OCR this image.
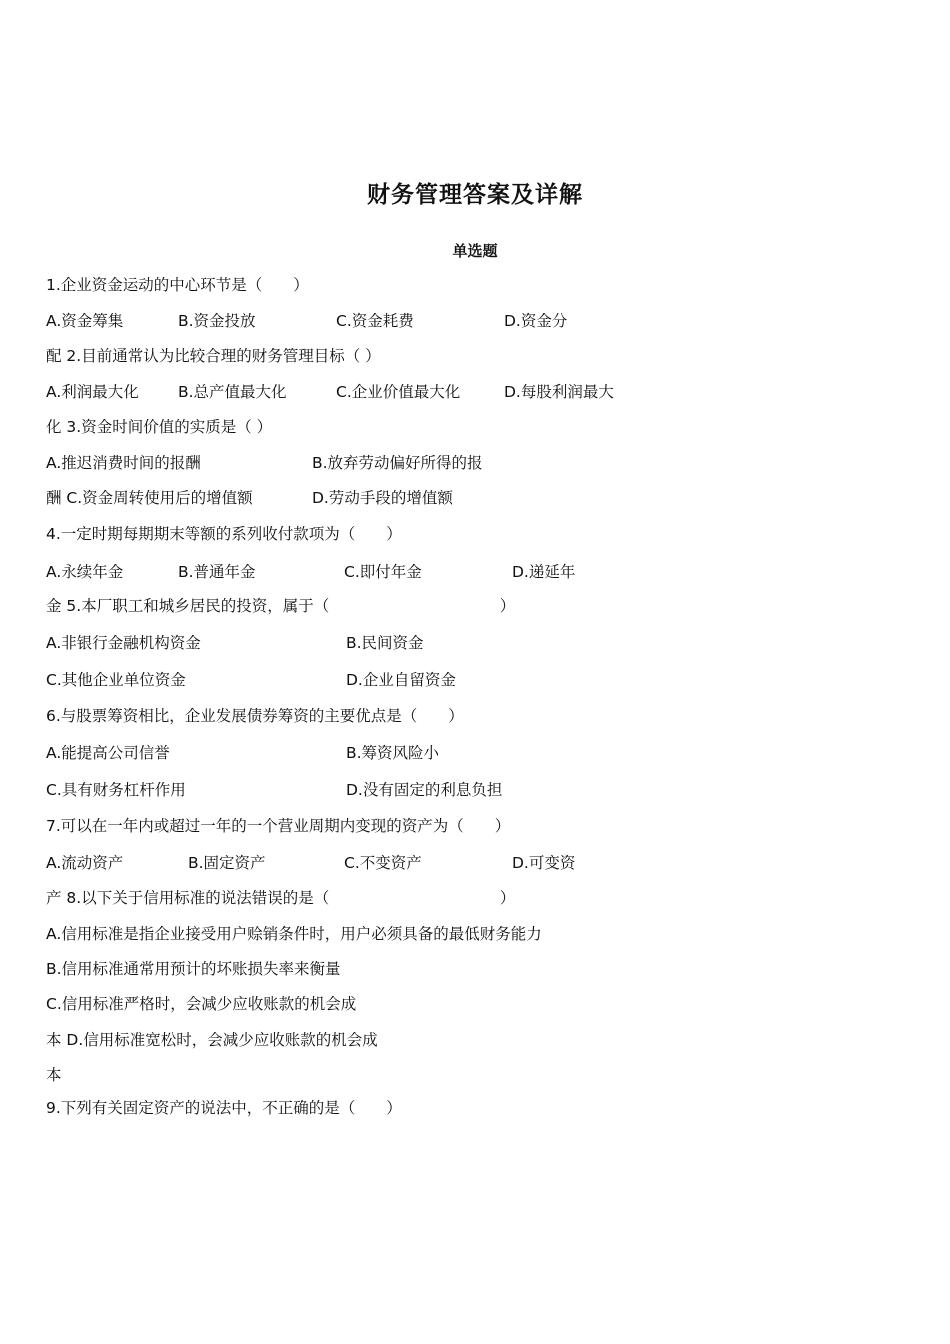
财务管理答案及详解
单选题
1.企业资金运动的中心环节是（　　）
A.资金筹集	B.资金投放	C.资金耗费	D.资金分
配 2.目前通常认为比较合理的财务管理目标（ ）
A.利润最大化	B.总产值最大化	C.企业价值最大化	D.每股利润最大
化 3.资金时间价值的实质是（ ）
A.推迟消费时间的报酬	B.放弃劳动偏好所得的报
酬 C.资金周转使用后的增值额	D.劳动手段的增值额
4.一定时期每期期末等额的系列收付款项为（　　）
A.永续年金	B.普通年金	C.即付年金	D.递延年
金 5.本厂职工和城乡居民的投资，属于（　　　　　　　　　　　）
A.非银行金融机构资金	B.民间资金
C.其他企业单位资金	D.企业自留资金
6.与股票筹资相比，企业发展债券筹资的主要优点是（　　）
A.能提高公司信誉	B.筹资风险小
C.具有财务杠杆作用	D.没有固定的利息负担
7.可以在一年内或超过一年的一个营业周期内变现的资产为（　　）
A.流动资产	B.固定资产	C.不变资产	D.可变资
产 8.以下关于信用标准的说法错误的是（　　　　　　　　　　　）
A.信用标准是指企业接受用户赊销条件时，用户必须具备的最低财务能力
B.信用标准通常用预计的坏账损失率来衡量
C.信用标准严格时，会减少应收账款的机会成
本 D.信用标准宽松时，会减少应收账款的机会成
本
9.下列有关固定资产的说法中，不正确的是（　　）
